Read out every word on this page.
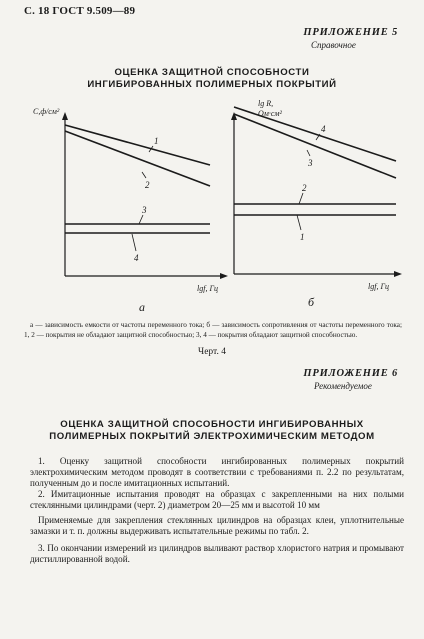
С. 18 ГОСТ 9.509—89
ПРИЛОЖЕНИЕ 5
Справочное
ОЦЕНКА ЗАЩИТНОЙ СПОСОБНОСТИ
ИНГИБИРОВАННЫХ ПОЛИМЕРНЫХ ПОКРЫТИЙ
1
2
3
4
C,ф/см²
lgf, Гц
4
3
2
1
lg R,
Ом·см²
lgf, Гц
а	б
а — зависимость емкости от частоты переменного тока; б — зависимость сопротивления от частоты переменного тока; 1, 2 — покрытия не обладают защитной способностью; 3, 4 — покрытия обладают защитной способностью.
Черт. 4
ПРИЛОЖЕНИЕ 6
Рекомендуемое
ОЦЕНКА ЗАЩИТНОЙ СПОСОБНОСТИ ИНГИБИРОВАННЫХ
ПОЛИМЕРНЫХ ПОКРЫТИЙ ЭЛЕКТРОХИМИЧЕСКИМ МЕТОДОМ
1. Оценку защитной способности ингибированных полимерных покрытий электрохимическим методом проводят в соответствии с требованиями п. 2.2 по результатам, полученным до и после имитационных испытаний.
2. Имитационные испытания проводят на образцах с закрепленными на них полыми стеклянными цилиндрами (черт. 2) диаметром 20—25 мм и высотой 10 мм
Применяемые для закрепления стеклянных цилиндров на образцах клеи, уплотнительные замазки и т. п. должны выдерживать испытательные режимы по табл. 2.
3. По окончании измерений из цилиндров выливают раствор хлористого натрия и промывают дистиллированной водой.
